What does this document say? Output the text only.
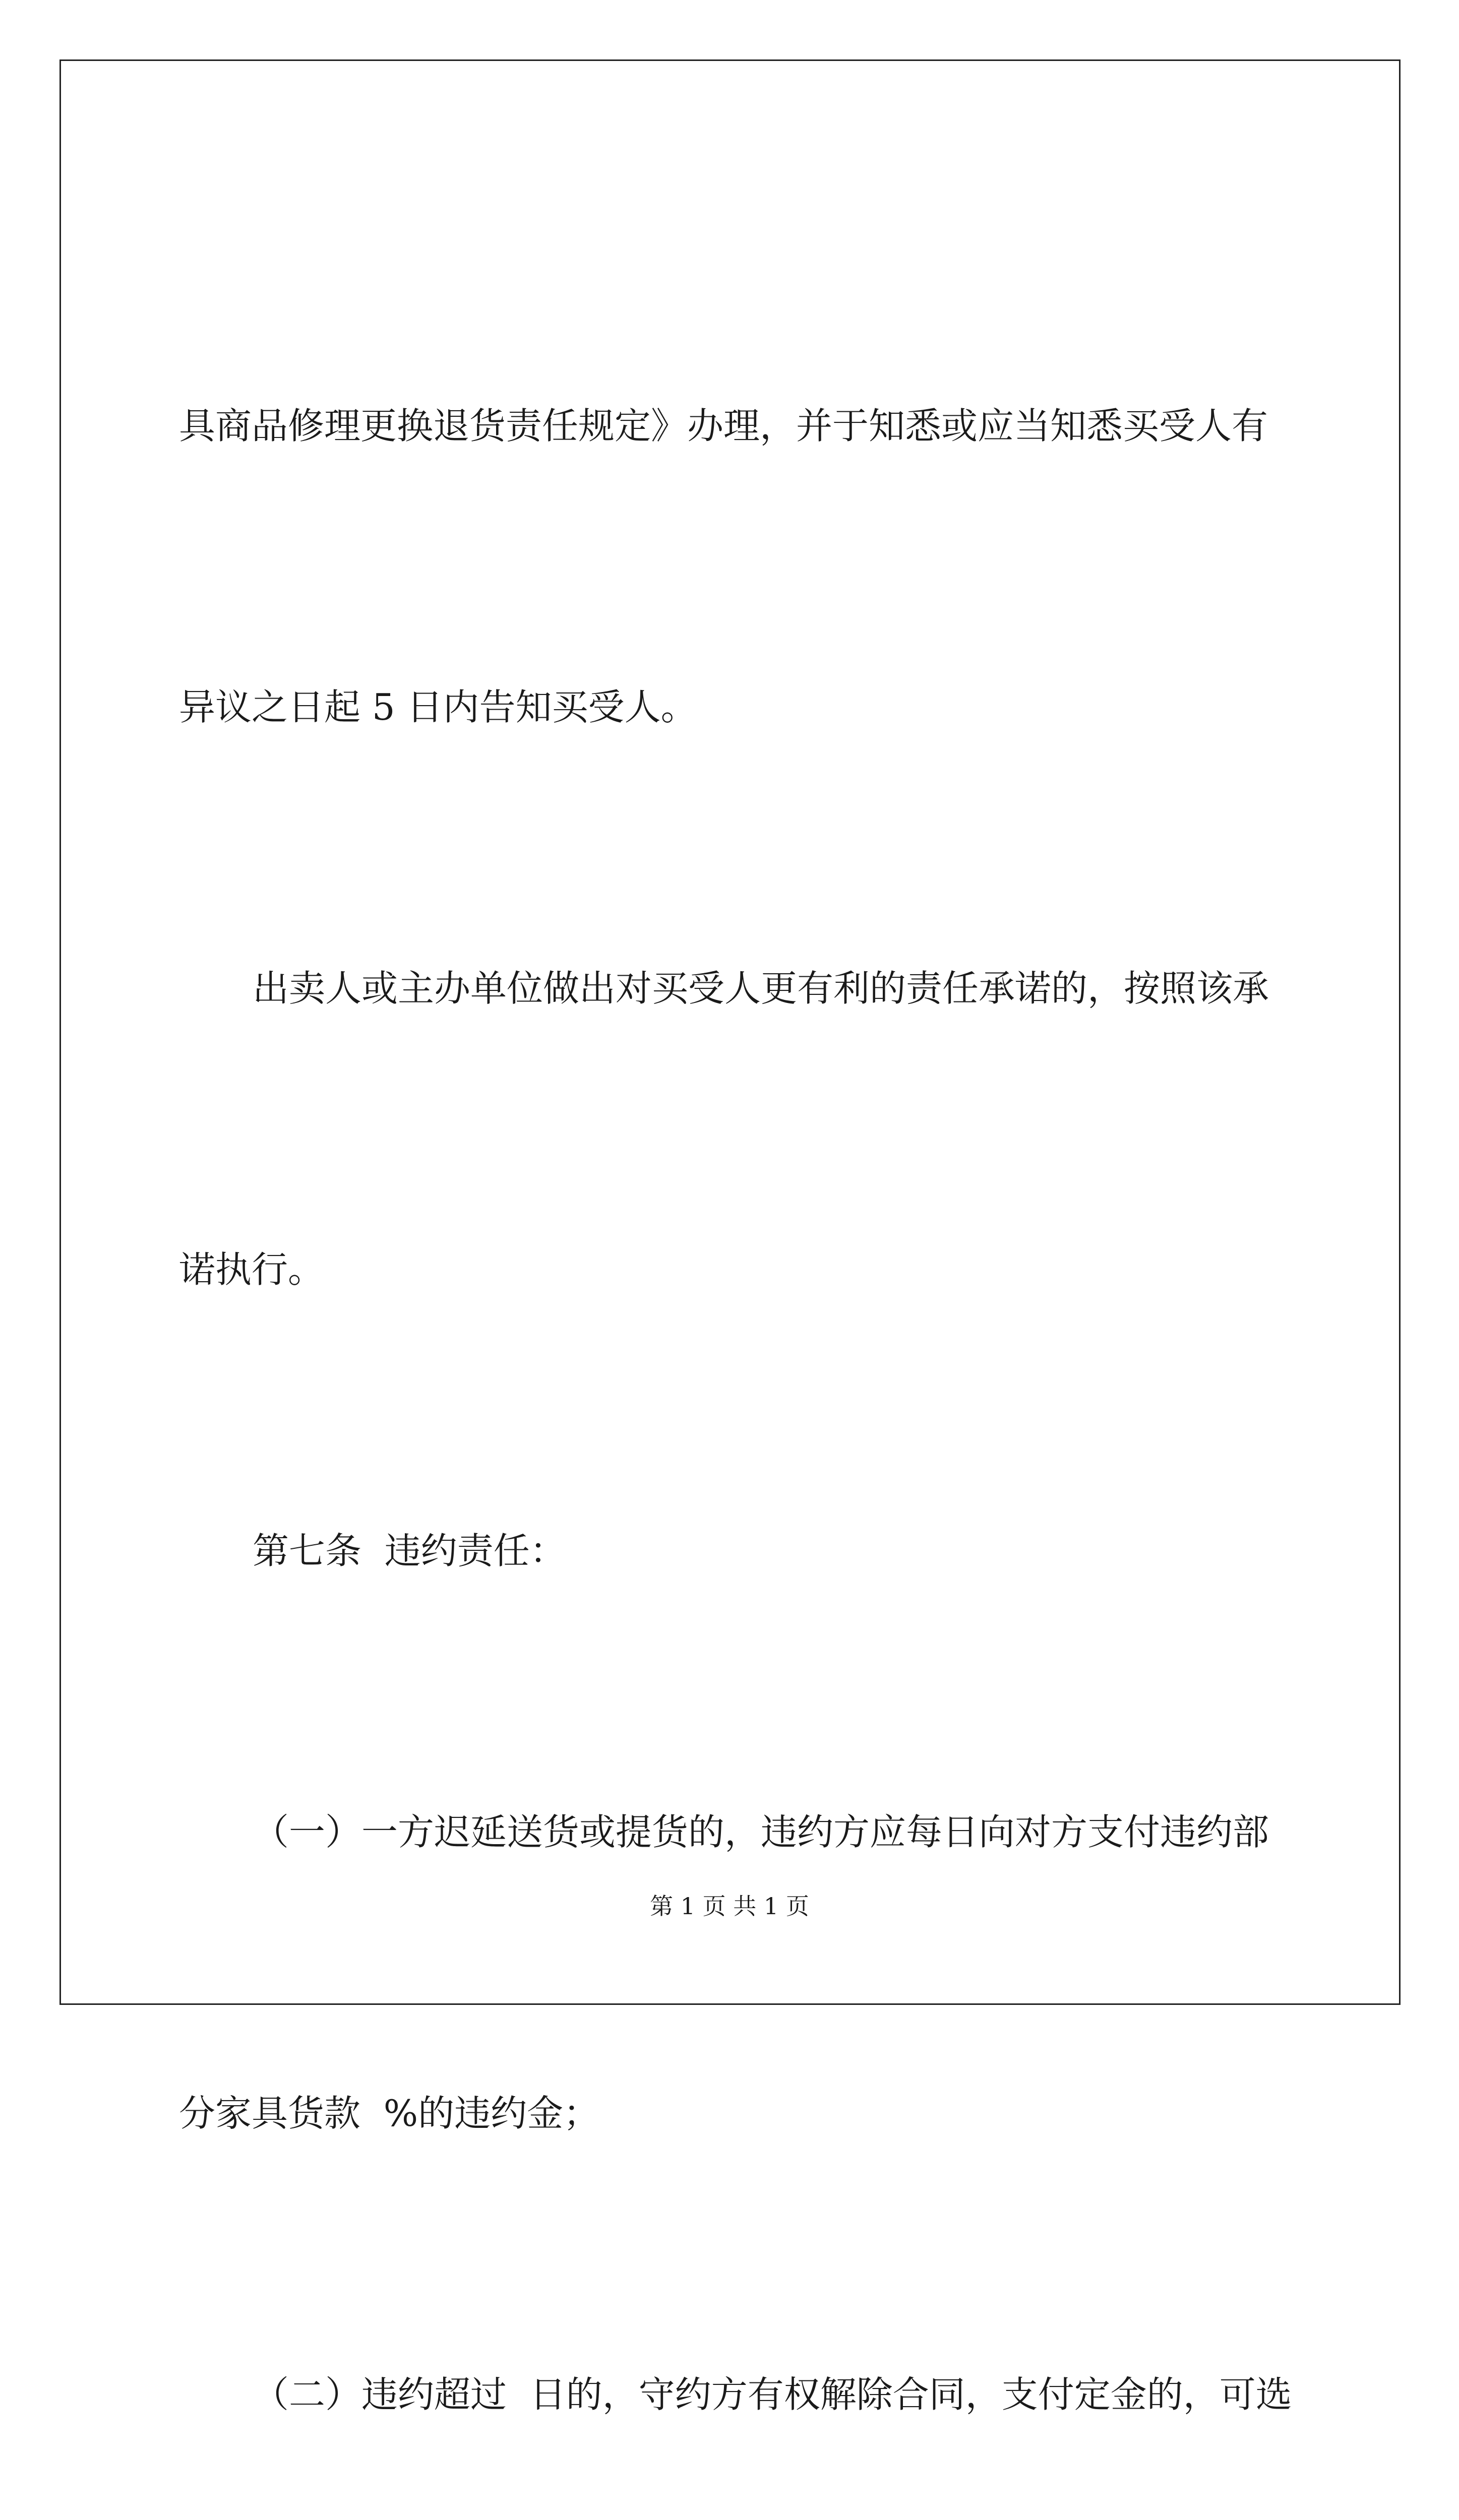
具商品修理更换退货责任规定》办理，并于知悉或应当知悉买受人有

异议之日起 5 日内告知买受人。

出卖人或主办单位做出对买受人更有利的责任承诺的，按照该承

诺执行。

第七条  违约责任：

（一）一方迟延送货或提货的，违约方应每日向对方支付违约部

分家具货款  %的违约金；

（二）违约超过  日的，守约方有权解除合同，支付定金的，可选

第 1 页 共 1 页
